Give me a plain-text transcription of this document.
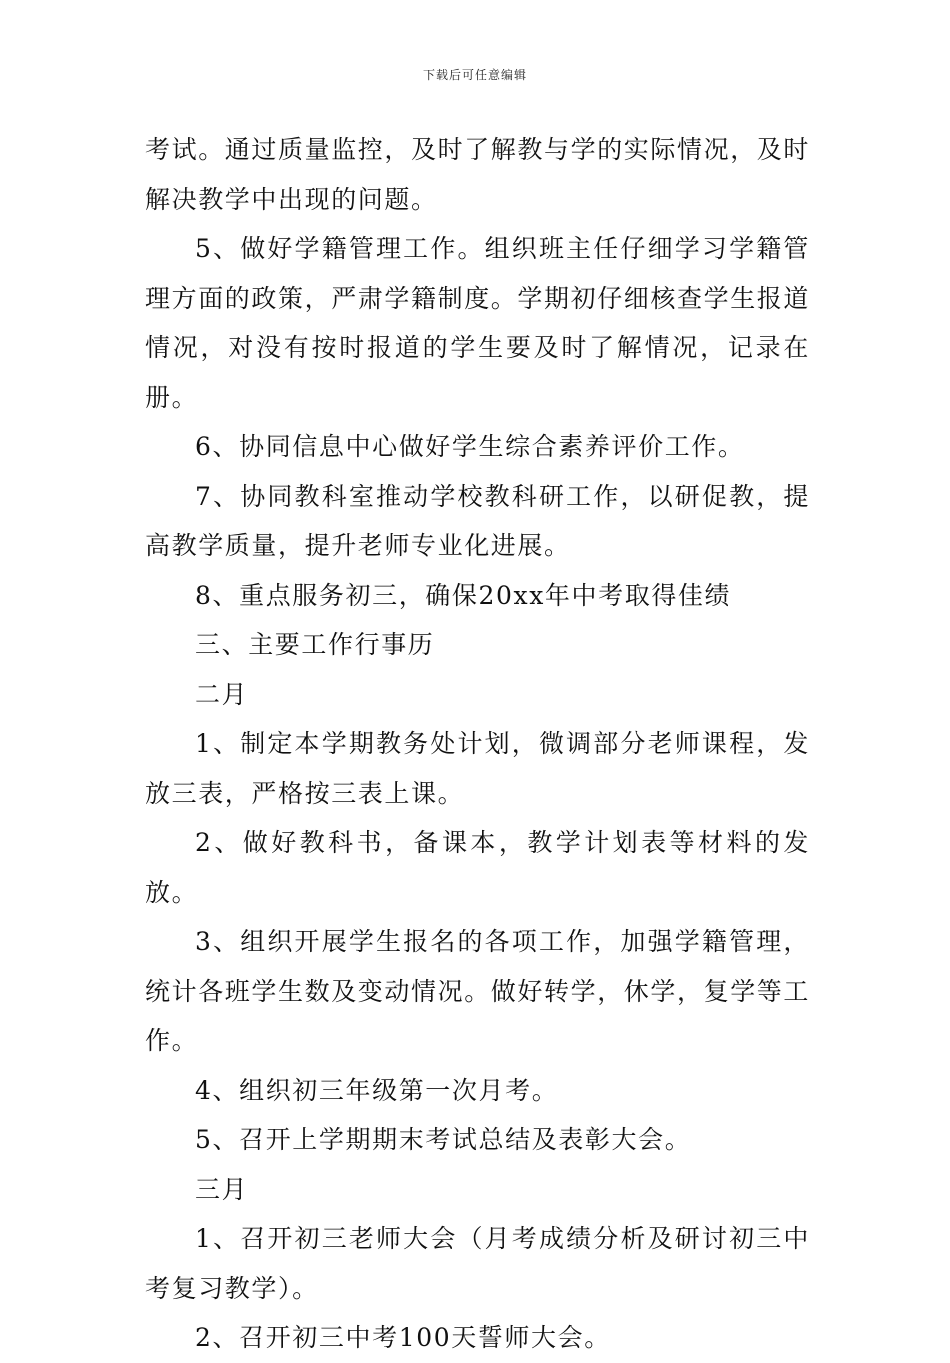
下载后可任意编辑

考试。通过质量监控，及时了解教与学的实际情况，及时解决教学中出现的问题。

5、做好学籍管理工作。组织班主任仔细学习学籍管理方面的政策，严肃学籍制度。学期初仔细核查学生报道情况，对没有按时报道的学生要及时了解情况，记录在册。

6、协同信息中心做好学生综合素养评价工作。

7、协同教科室推动学校教科研工作，以研促教，提高教学质量，提升老师专业化进展。

8、重点服务初三，确保20xx年中考取得佳绩

三、主要工作行事历

二月

1、制定本学期教务处计划，微调部分老师课程，发放三表，严格按三表上课。

2、做好教科书，备课本，教学计划表等材料的发放。

3、组织开展学生报名的各项工作，加强学籍管理，统计各班学生数及变动情况。做好转学，休学，复学等工作。

4、组织初三年级第一次月考。

5、召开上学期期末考试总结及表彰大会。

三月

1、召开初三老师大会（月考成绩分析及研讨初三中考复习教学）。

2、召开初三中考100天誓师大会。
